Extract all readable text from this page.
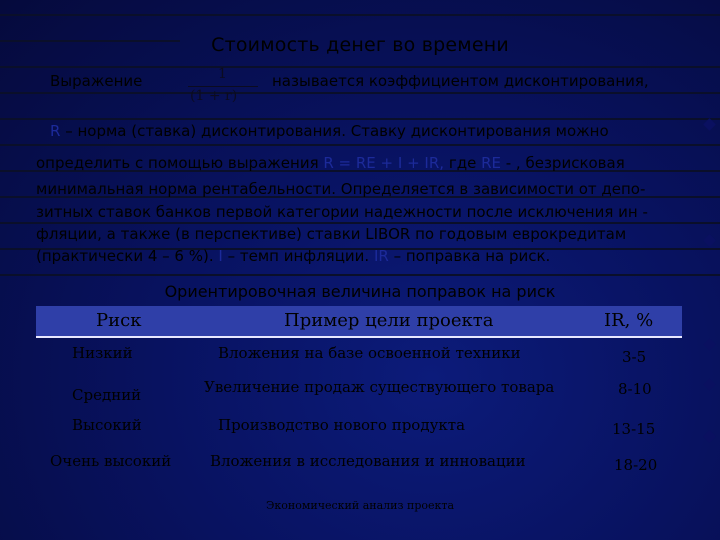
Стоимость денег во времени
1
(1 + r)
Выражение	называется коэффициентом дисконтирования,
R – норма (ставка) дисконтирования. Ставку дисконтирования можно
определить с помощью выражения R = RE + I + IR, где RE - , безрисковая
минимальная норма рентабельности. Определяется в зависимости от депо-
зитных ставок банков первой категории надежности после исключения ин -
фляции, а также (в перспективе) ставки LIBOR по годовым еврокредитам
(практически 4 – 6 %). I – темп инфляции. IR – поправка на риск.
Ориентировочная величина поправок на риск
Риск	Пример цели проекта	IR, %
Низкий	Вложения на базе освоенной техники	3-5
Средний	Увеличение продаж существующего товара	8-10
Высокий	Производство нового продукта	13-15
Очень высокий	Вложения в исследования и инновации	18-20
Экономический анализ проекта
